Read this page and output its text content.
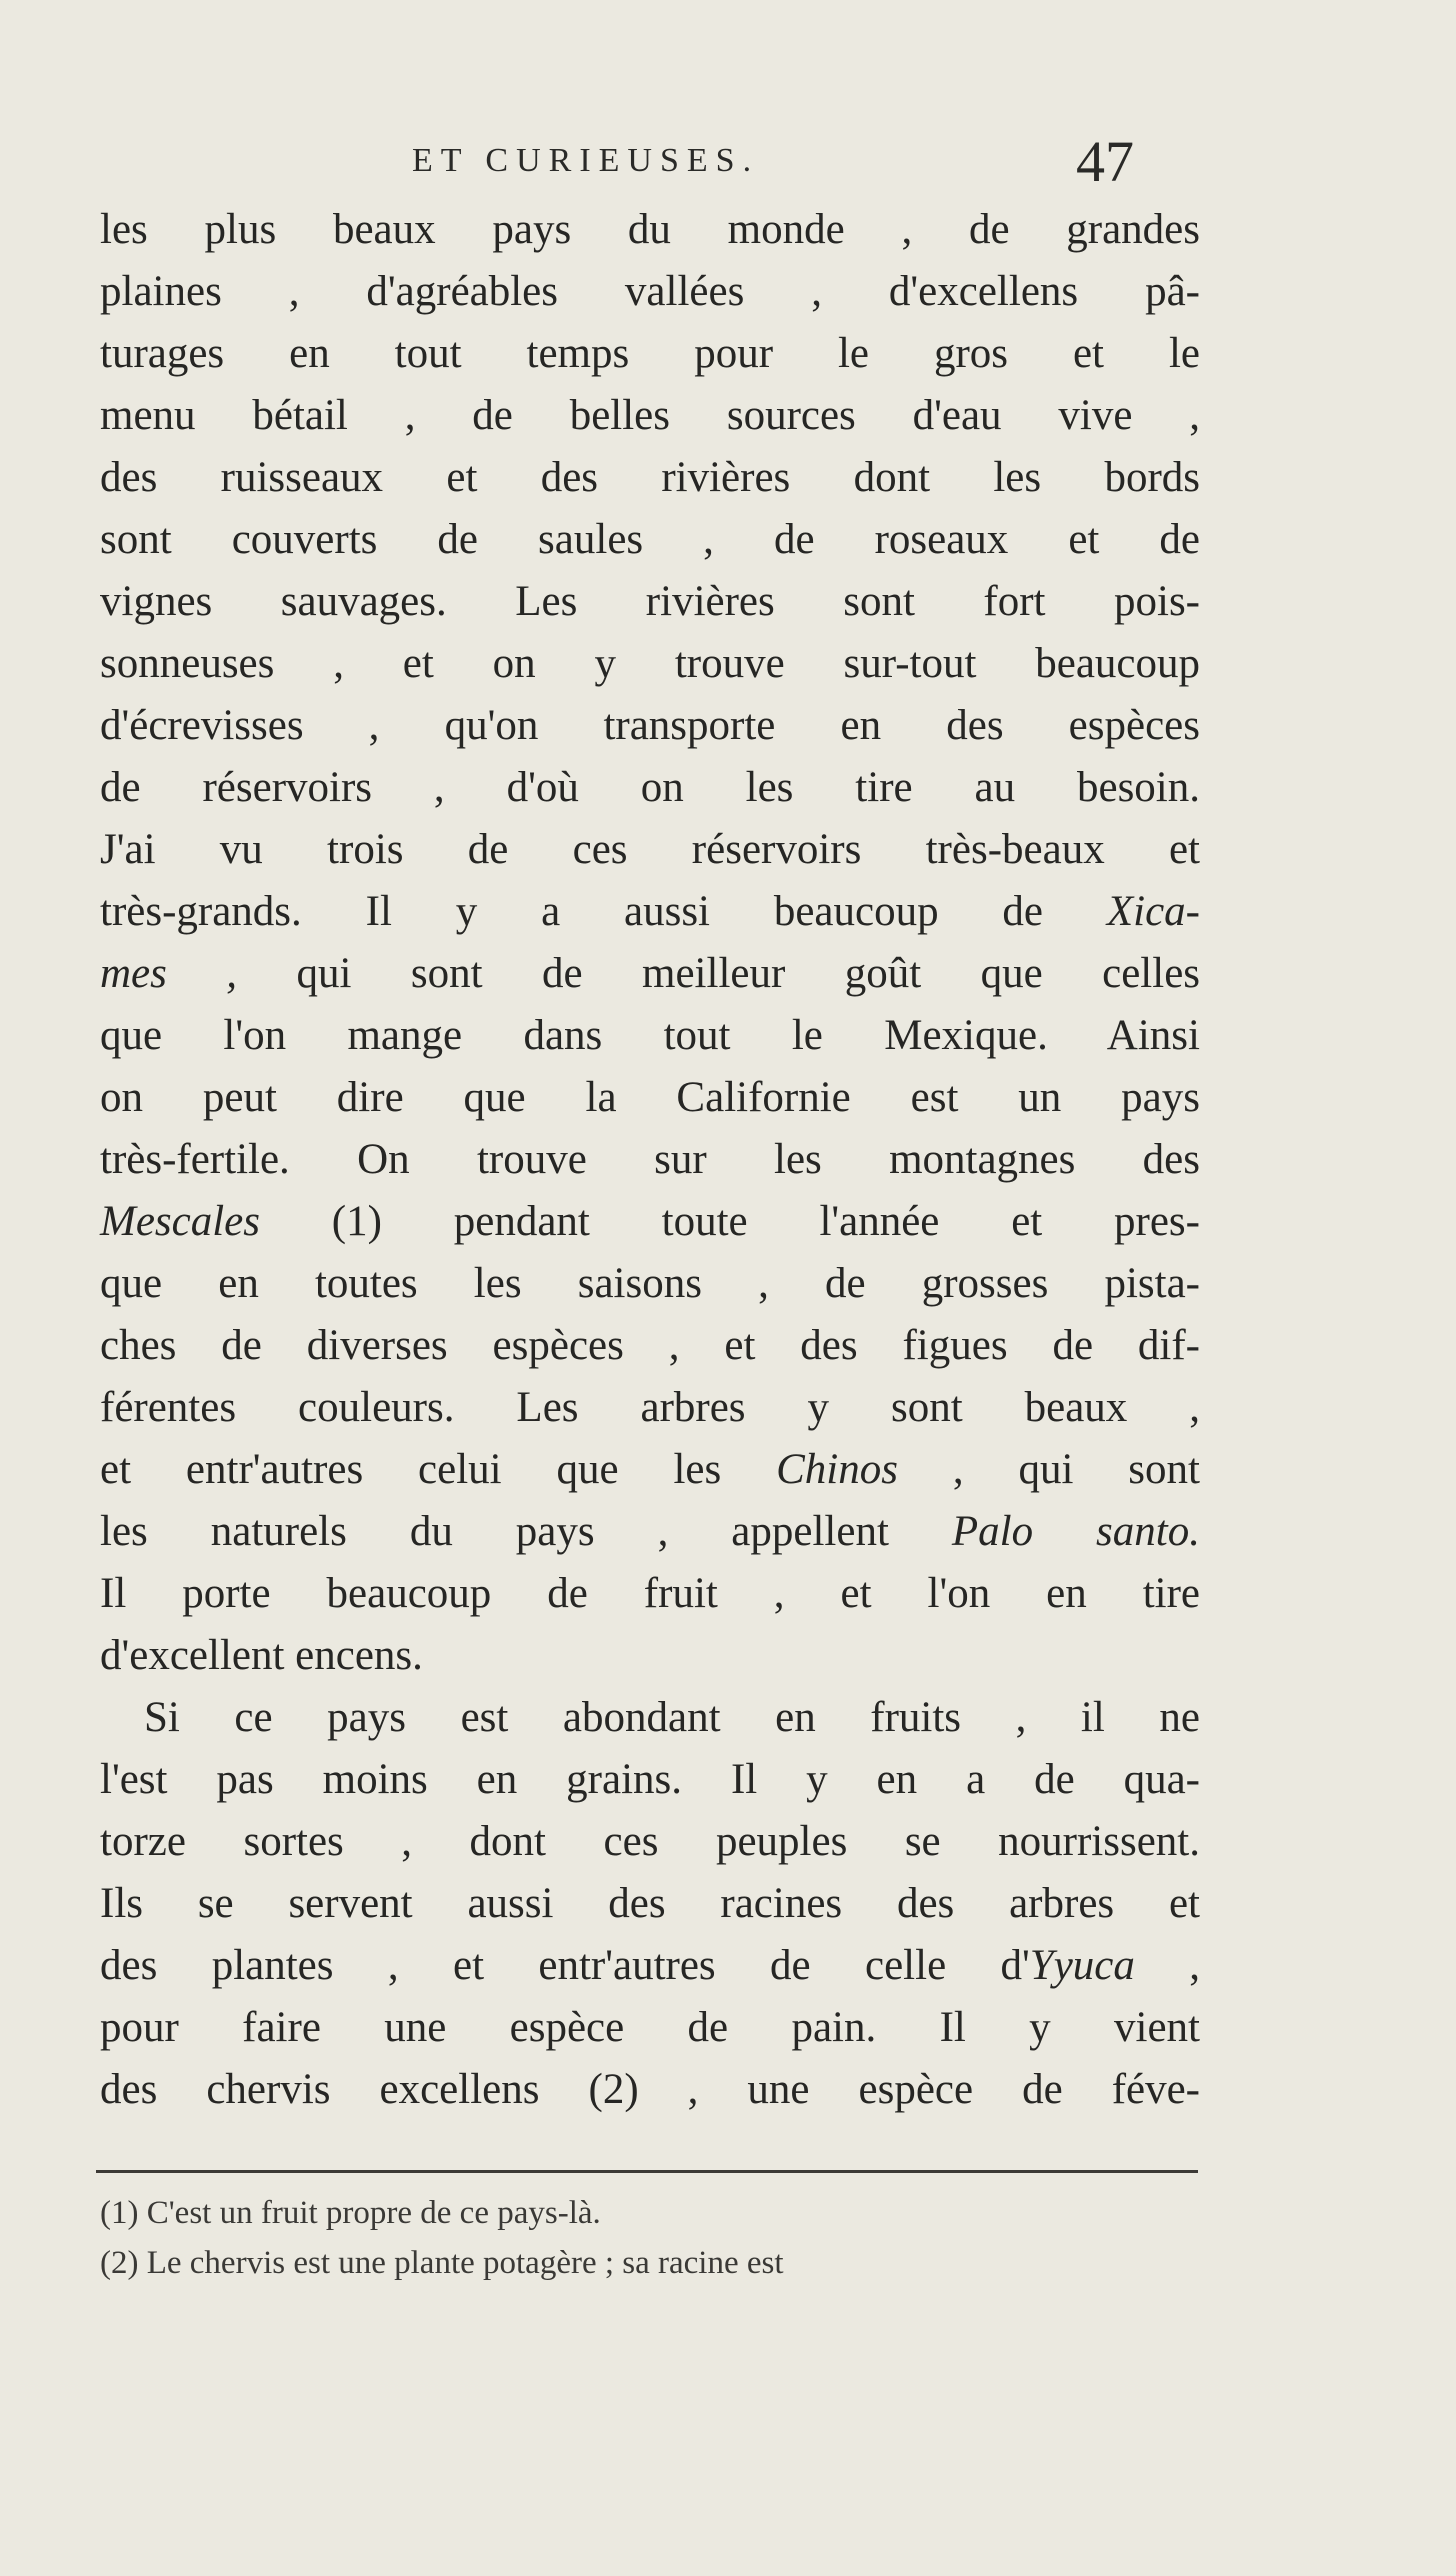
ET CURIEUSES.	47
les plus beaux pays du monde , de grandes
plaines , d'agréables vallées , d'excellens pâ-
turages en tout temps pour le gros et le
menu bétail , de belles sources d'eau vive ,
des ruisseaux et des rivières dont les bords
sont couverts de saules , de roseaux et de
vignes sauvages. Les rivières sont fort pois-
sonneuses , et on y trouve sur-tout beaucoup
d'écrevisses , qu'on transporte en des espèces
de réservoirs , d'où on les tire au besoin.
J'ai vu trois de ces réservoirs très-beaux et
très-grands. Il y a aussi beaucoup de Xica-
mes , qui sont de meilleur goût que celles
que l'on mange dans tout le Mexique. Ainsi
on peut dire que la Californie est un pays
très-fertile. On trouve sur les montagnes des
Mescales (1) pendant toute l'année et pres-
que en toutes les saisons , de grosses pista-
ches de diverses espèces , et des figues de dif-
férentes couleurs. Les arbres y sont beaux ,
et entr'autres celui que les Chinos , qui sont
les naturels du pays , appellent Palo santo.
Il porte beaucoup de fruit , et l'on en tire
d'excellent encens.
Si ce pays est abondant en fruits , il ne
l'est pas moins en grains. Il y en a de qua-
torze sortes , dont ces peuples se nourrissent.
Ils se servent aussi des racines des arbres et
des plantes , et entr'autres de celle d'Yyuca ,
pour faire une espèce de pain. Il y vient
des chervis excellens (2) , une espèce de féve-
(1) C'est un fruit propre de ce pays-là.
(2) Le chervis est une plante potagère ; sa racine est
